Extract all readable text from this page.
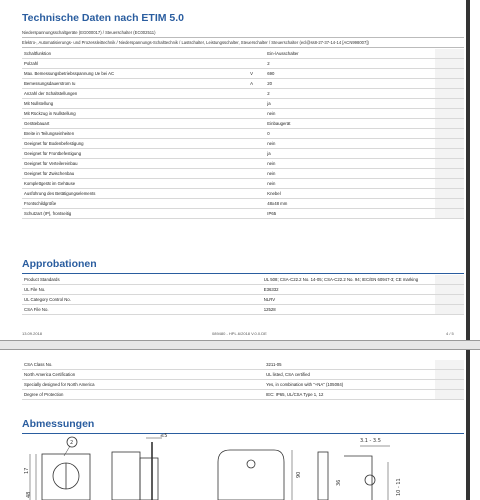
Technische Daten nach ETIM 5.0
Niederspannungsschaltgeräte (EG000017) / Steuerschalter (EC002511)
Elektro-, Automatisierungs- und Prozessleittechnik / Niederspannungs-Schalttechnik / Lastschalter, Leistungsschalter, Steuerschalter / Steuerschalter (ecl@ss8-27-37-14-14 [ACN998007])
Schaltfunktion		Ein-/Ausschalter	
Polzahl		2	
Max. Bemessungsbetriebsspannung Ue bei AC	V	690	
Bemessungsdauerstrom Iu	A	20	
Anzahl der Schaltstellungen		2	
Mit Nullstellung		ja	
Mit Rückzug in Nullstellung		nein	
Gerätebauart		Einbaugerät	
Breite in Teilungseinheiten		0	
Geeignet für Bodenbefestigung		nein	
Geeignet für Frontbefestigung		ja	
Geeignet für Verteilereinbau		nein	
Geeignet für Zwischenbau		nein	
Komplettgerät im Gehäuse		nein	
Ausführung des Betätigungselements		Knebel	
Frontschildgröße		48x48 mm	
Schutzart (IP), frontseitig		IP65	
Approbationen
Product Standards		UL 508; CSA-C22.2 No. 14-05; CSA-C22.2 No. 94; IEC/EN 60947-3; CE marking	
UL File No.		E36332	
UL Category Control No.		NLRV	
CSA File No.		12528	
13.09.2018	089480 - HPL.6/2018 V.0.0.DE	4 / 5
CSA Class No.		3211-05	
North America Certification		UL listed, CSA certified	
Specially designed for North America		Yes, in combination with "+NA" (105084)	
Degree of Protection		IEC: IP65, UL/CSA Type 1, 12	
Abmessungen
2
17
48
≤5
90
36
3.1 - 3.5
10 - 11
